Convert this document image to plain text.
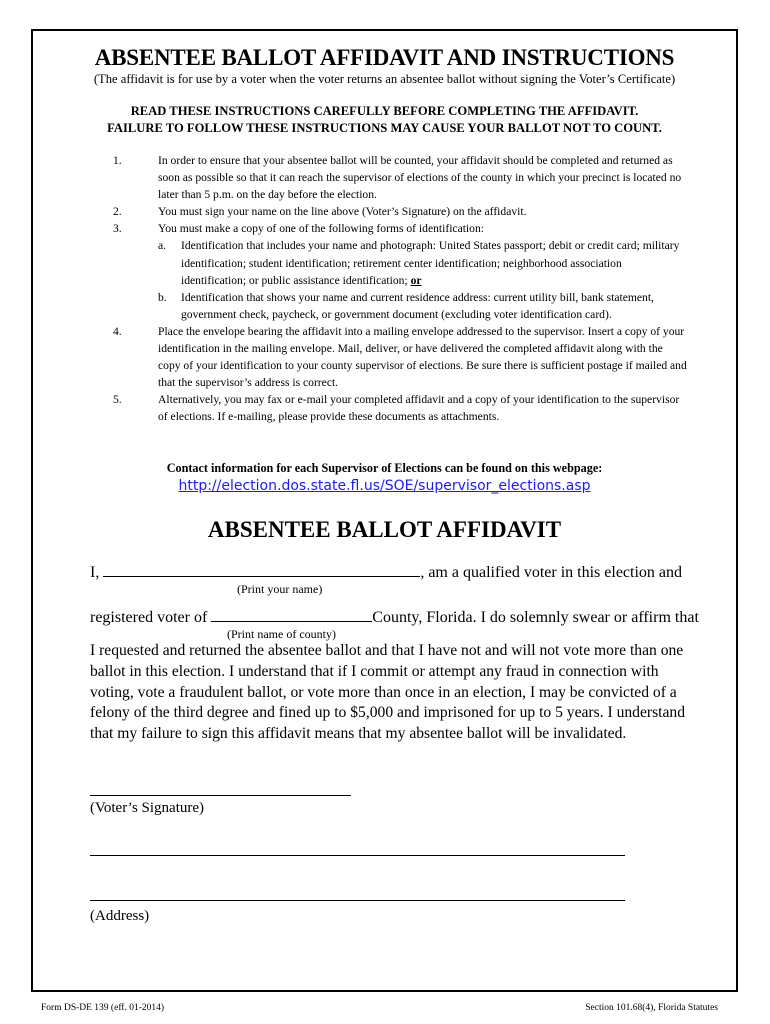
ABSENTEE BALLOT AFFIDAVIT AND INSTRUCTIONS
(The affidavit is for use by a voter when the voter returns an absentee ballot without signing the Voter’s Certificate)
READ THESE INSTRUCTIONS CAREFULLY BEFORE COMPLETING THE AFFIDAVIT.
FAILURE TO FOLLOW THESE INSTRUCTIONS MAY CAUSE YOUR BALLOT NOT TO COUNT.
1.	In order to ensure that your absentee ballot will be counted, your affidavit should be completed and returned as soon as possible so that it can reach the supervisor of elections of the county in which your precinct is located no later than 5 p.m. on the day before the election.
2.	You must sign your name on the line above (Voter’s Signature) on the affidavit.
3.	You must make a copy of one of the following forms of identification:
a. Identification that includes your name and photograph: United States passport; debit or credit card; military identification; student identification; retirement center identification; neighborhood association identification; or public assistance identification; or
b. Identification that shows your name and current residence address: current utility bill, bank statement, government check, paycheck, or government document (excluding voter identification card).
4.	Place the envelope bearing the affidavit into a mailing envelope addressed to the supervisor. Insert a copy of your identification in the mailing envelope. Mail, deliver, or have delivered the completed affidavit along with the copy of your identification to your county supervisor of elections. Be sure there is sufficient postage if mailed and that the supervisor’s address is correct.
5.	Alternatively, you may fax or e-mail your completed affidavit and a copy of your identification to the supervisor of elections. If e-mailing, please provide these documents as attachments.
Contact information for each Supervisor of Elections can be found on this webpage:
http://election.dos.state.fl.us/SOE/supervisor_elections.asp
ABSENTEE BALLOT AFFIDAVIT
I,	, am a qualified voter in this election and
(Print your name)
registered voter of	County, Florida. I do solemnly swear or affirm that
(Print name of county)
I requested and returned the absentee ballot and that I have not and will not vote more than one ballot in this election. I understand that if I commit or attempt any fraud in connection with voting, vote a fraudulent ballot, or vote more than once in an election, I may be convicted of a felony of the third degree and fined up to $5,000 and imprisoned for up to 5 years. I understand that my failure to sign this affidavit means that my absentee ballot will be invalidated.
(Voter’s Signature)
(Address)
Form DS-DE 139 (eff. 01-2014)	Section 101.68(4), Florida Statutes
